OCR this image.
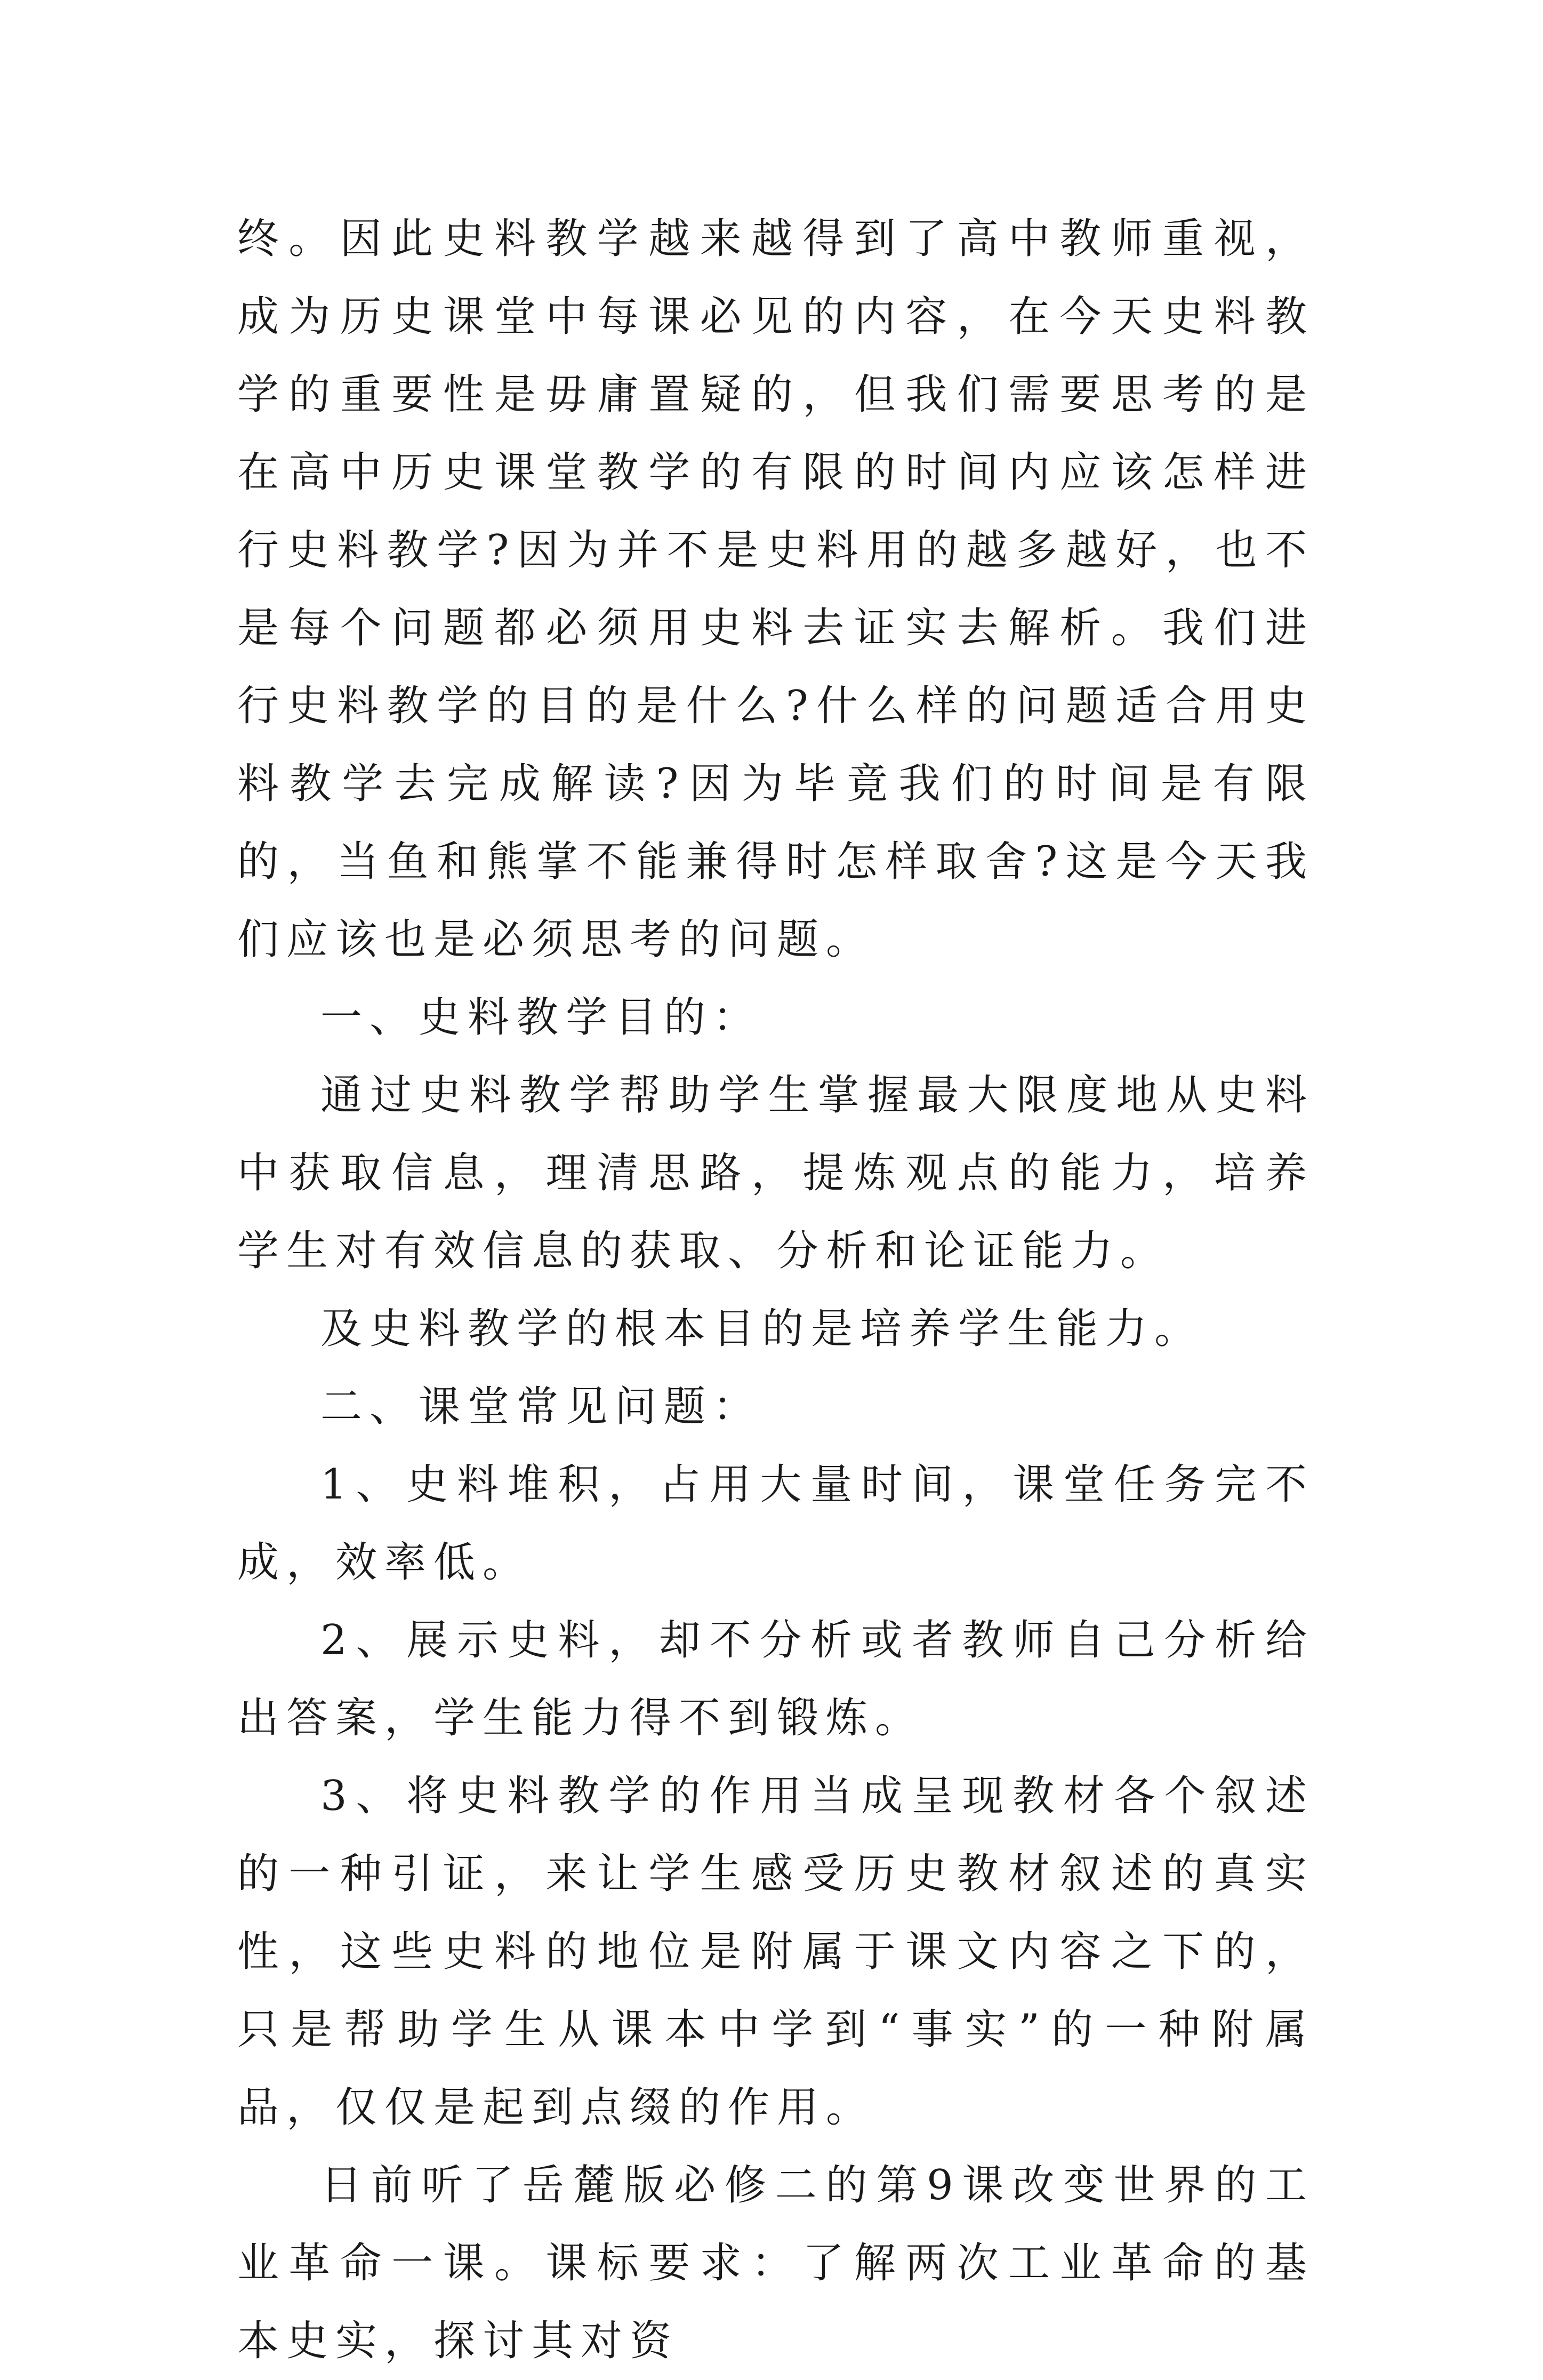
终。因此史料教学越来越得到了高中教师重视，成为历史课堂中每课必见的内容，在今天史料教学的重要性是毋庸置疑的，但我们需要思考的是在高中历史课堂教学的有限的时间内应该怎样进行史料教学?因为并不是史料用的越多越好，也不是每个问题都必须用史料去证实去解析。我们进行史料教学的目的是什么?什么样的问题适合用史料教学去完成解读?因为毕竟我们的时间是有限的，当鱼和熊掌不能兼得时怎样取舍?这是今天我们应该也是必须思考的问题。

一、史料教学目的：

通过史料教学帮助学生掌握最大限度地从史料中获取信息，理清思路，提炼观点的能力，培养学生对有效信息的获取、分析和论证能力。

及史料教学的根本目的是培养学生能力。

二、课堂常见问题：

1、史料堆积，占用大量时间，课堂任务完不成，效率低。

2、展示史料，却不分析或者教师自己分析给出答案，学生能力得不到锻炼。

3、将史料教学的作用当成呈现教材各个叙述的一种引证，来让学生感受历史教材叙述的真实性，这些史料的地位是附属于课文内容之下的，只是帮助学生从课本中学到“事实”的一种附属品，仅仅是起到点缀的作用。

日前听了岳麓版必修二的第9课改变世界的工业革命一课。课标要求：了解两次工业革命的基本史实，探讨其对资
